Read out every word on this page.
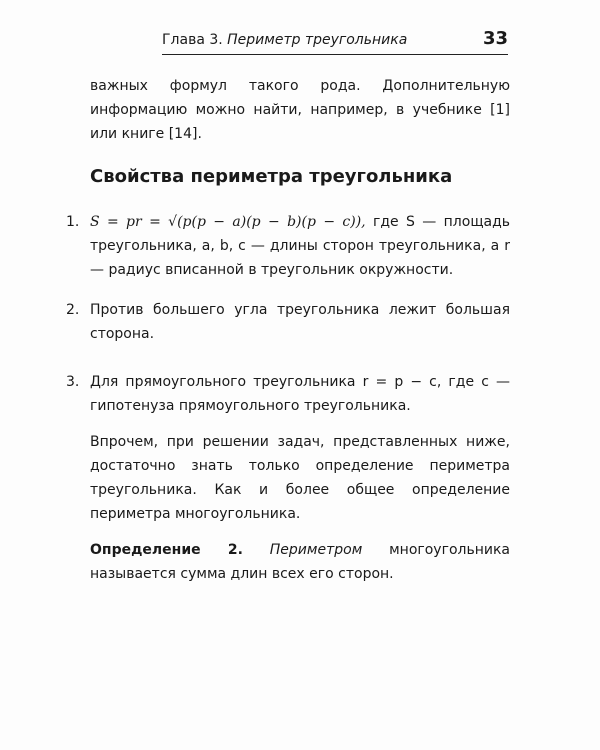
Глава 3. Периметр треугольника	33
важных формул такого рода. Дополнительную информацию можно найти, например, в учебнике [1] или книге [14].
Свойства периметра треугольника
1. S = pr = √(p(p − a)(p − b)(p − c)), где S — площадь треугольника, a, b, c — длины сторон треугольника, а r — радиус вписанной в треугольник окружности.
2. Против большего угла треугольника лежит большая сторона.
3. Для прямоугольного треугольника r = p − c, где c — гипотенуза прямоугольного треугольника.
Впрочем, при решении задач, представленных ниже, достаточно знать только определение периметра треугольника. Как и более общее определение периметра многоугольника.
Определение 2. Периметром многоугольника называется сумма длин всех его сторон.
